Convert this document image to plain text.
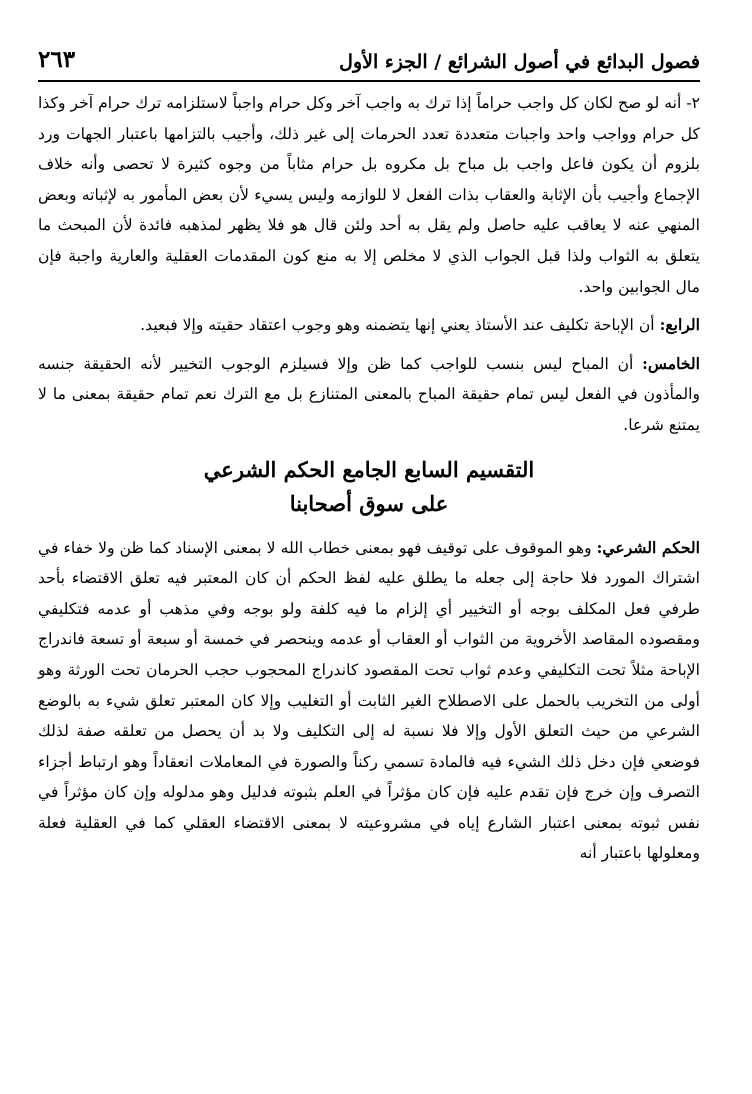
فصول البدائع في أصول الشرائع / الجزء الأول
٢٦٣

٢- أنه لو صح لكان كل واجب حراماً إذا ترك به واجب آخر وكل حرام واجباً لاستلزامه ترك حرام آخر وكذا كل حرام وواجب واحد واجبات متعددة تعدد الحرمات إلى غير ذلك، وأجيب بالتزامها باعتبار الجهات ورد بلزوم أن يكون فاعل واجب بل مباح بل مكروه بل حرام مثاباً من وجوه كثيرة لا تحصى وأنه خلاف الإجماع وأجيب بأن الإثابة والعقاب بذات الفعل لا للوازمه وليس يسيء لأن بعض المأمور به لإثباته وبعض المنهي عنه لا يعاقب عليه حاصل ولم يقل به أحد ولئن قال هو فلا يظهر لمذهبه فائدة لأن المبحث ما يتعلق به الثواب ولذا قبل الجواب الذي لا مخلص إلا به منع كون المقدمات العقلية والعارية واجبة فإن مال الجوابين واحد.

الرابع: أن الإباحة تكليف عند الأستاذ يعني إنها يتضمنه وهو وجوب اعتقاد حقيته وإلا فبعيد.

الخامس: أن المباح ليس بنسب للواجب كما ظن وإلا فسيلزم الوجوب التخيير لأنه الحقيقة جنسه والمأذون في الفعل ليس تمام حقيقة المباح بالمعنى المتنازع بل مع الترك نعم تمام حقيقة بمعنى ما لا يمتنع شرعا.

التقسيم السابع الجامع الحكم الشرعي
على سوق أصحابنا

الحكم الشرعي: وهو الموقوف على توقيف فهو بمعنى خطاب الله لا بمعنى الإسناد كما ظن ولا خفاء في اشتراك المورد فلا حاجة إلى جعله ما يطلق عليه لفظ الحكم أن كان المعتبر فيه تعلق الاقتضاء بأحد طرفي فعل المكلف بوجه أو التخيير أي إلزام ما فيه كلفة ولو بوجه وفي مذهب أو عدمه فتكليفي ومقصوده المقاصد الأخروية من الثواب أو العقاب أو عدمه وينحصر في خمسة أو سبعة أو تسعة فاندراج الإباحة مثلاً تحت التكليفي وعدم ثواب تحت المقصود كاندراج المحجوب حجب الحرمان تحت الورثة وهو أولى من التخريب بالحمل على الاصطلاح الغير الثابت أو التغليب وإلا كان المعتبر تعلق شيء به بالوضع الشرعي من حيث التعلق الأول وإلا فلا نسبة له إلى التكليف ولا بد أن يحصل من تعلقه صفة لذلك فوضعي فإن دخل ذلك الشيء فيه فالمادة تسمي ركناً والصورة في المعاملات انعقاداً وهو ارتباط أجزاء التصرف وإن خرج فإن تقدم عليه فإن كان مؤثراً في العلم بثبوته فدليل وهو مدلوله وإن كان مؤثراً في نفس ثبوته بمعنى اعتبار الشارع إياه في مشروعيته لا بمعنى الاقتضاء العقلي كما في العقلية فعلة ومعلولها باعتبار أنه
